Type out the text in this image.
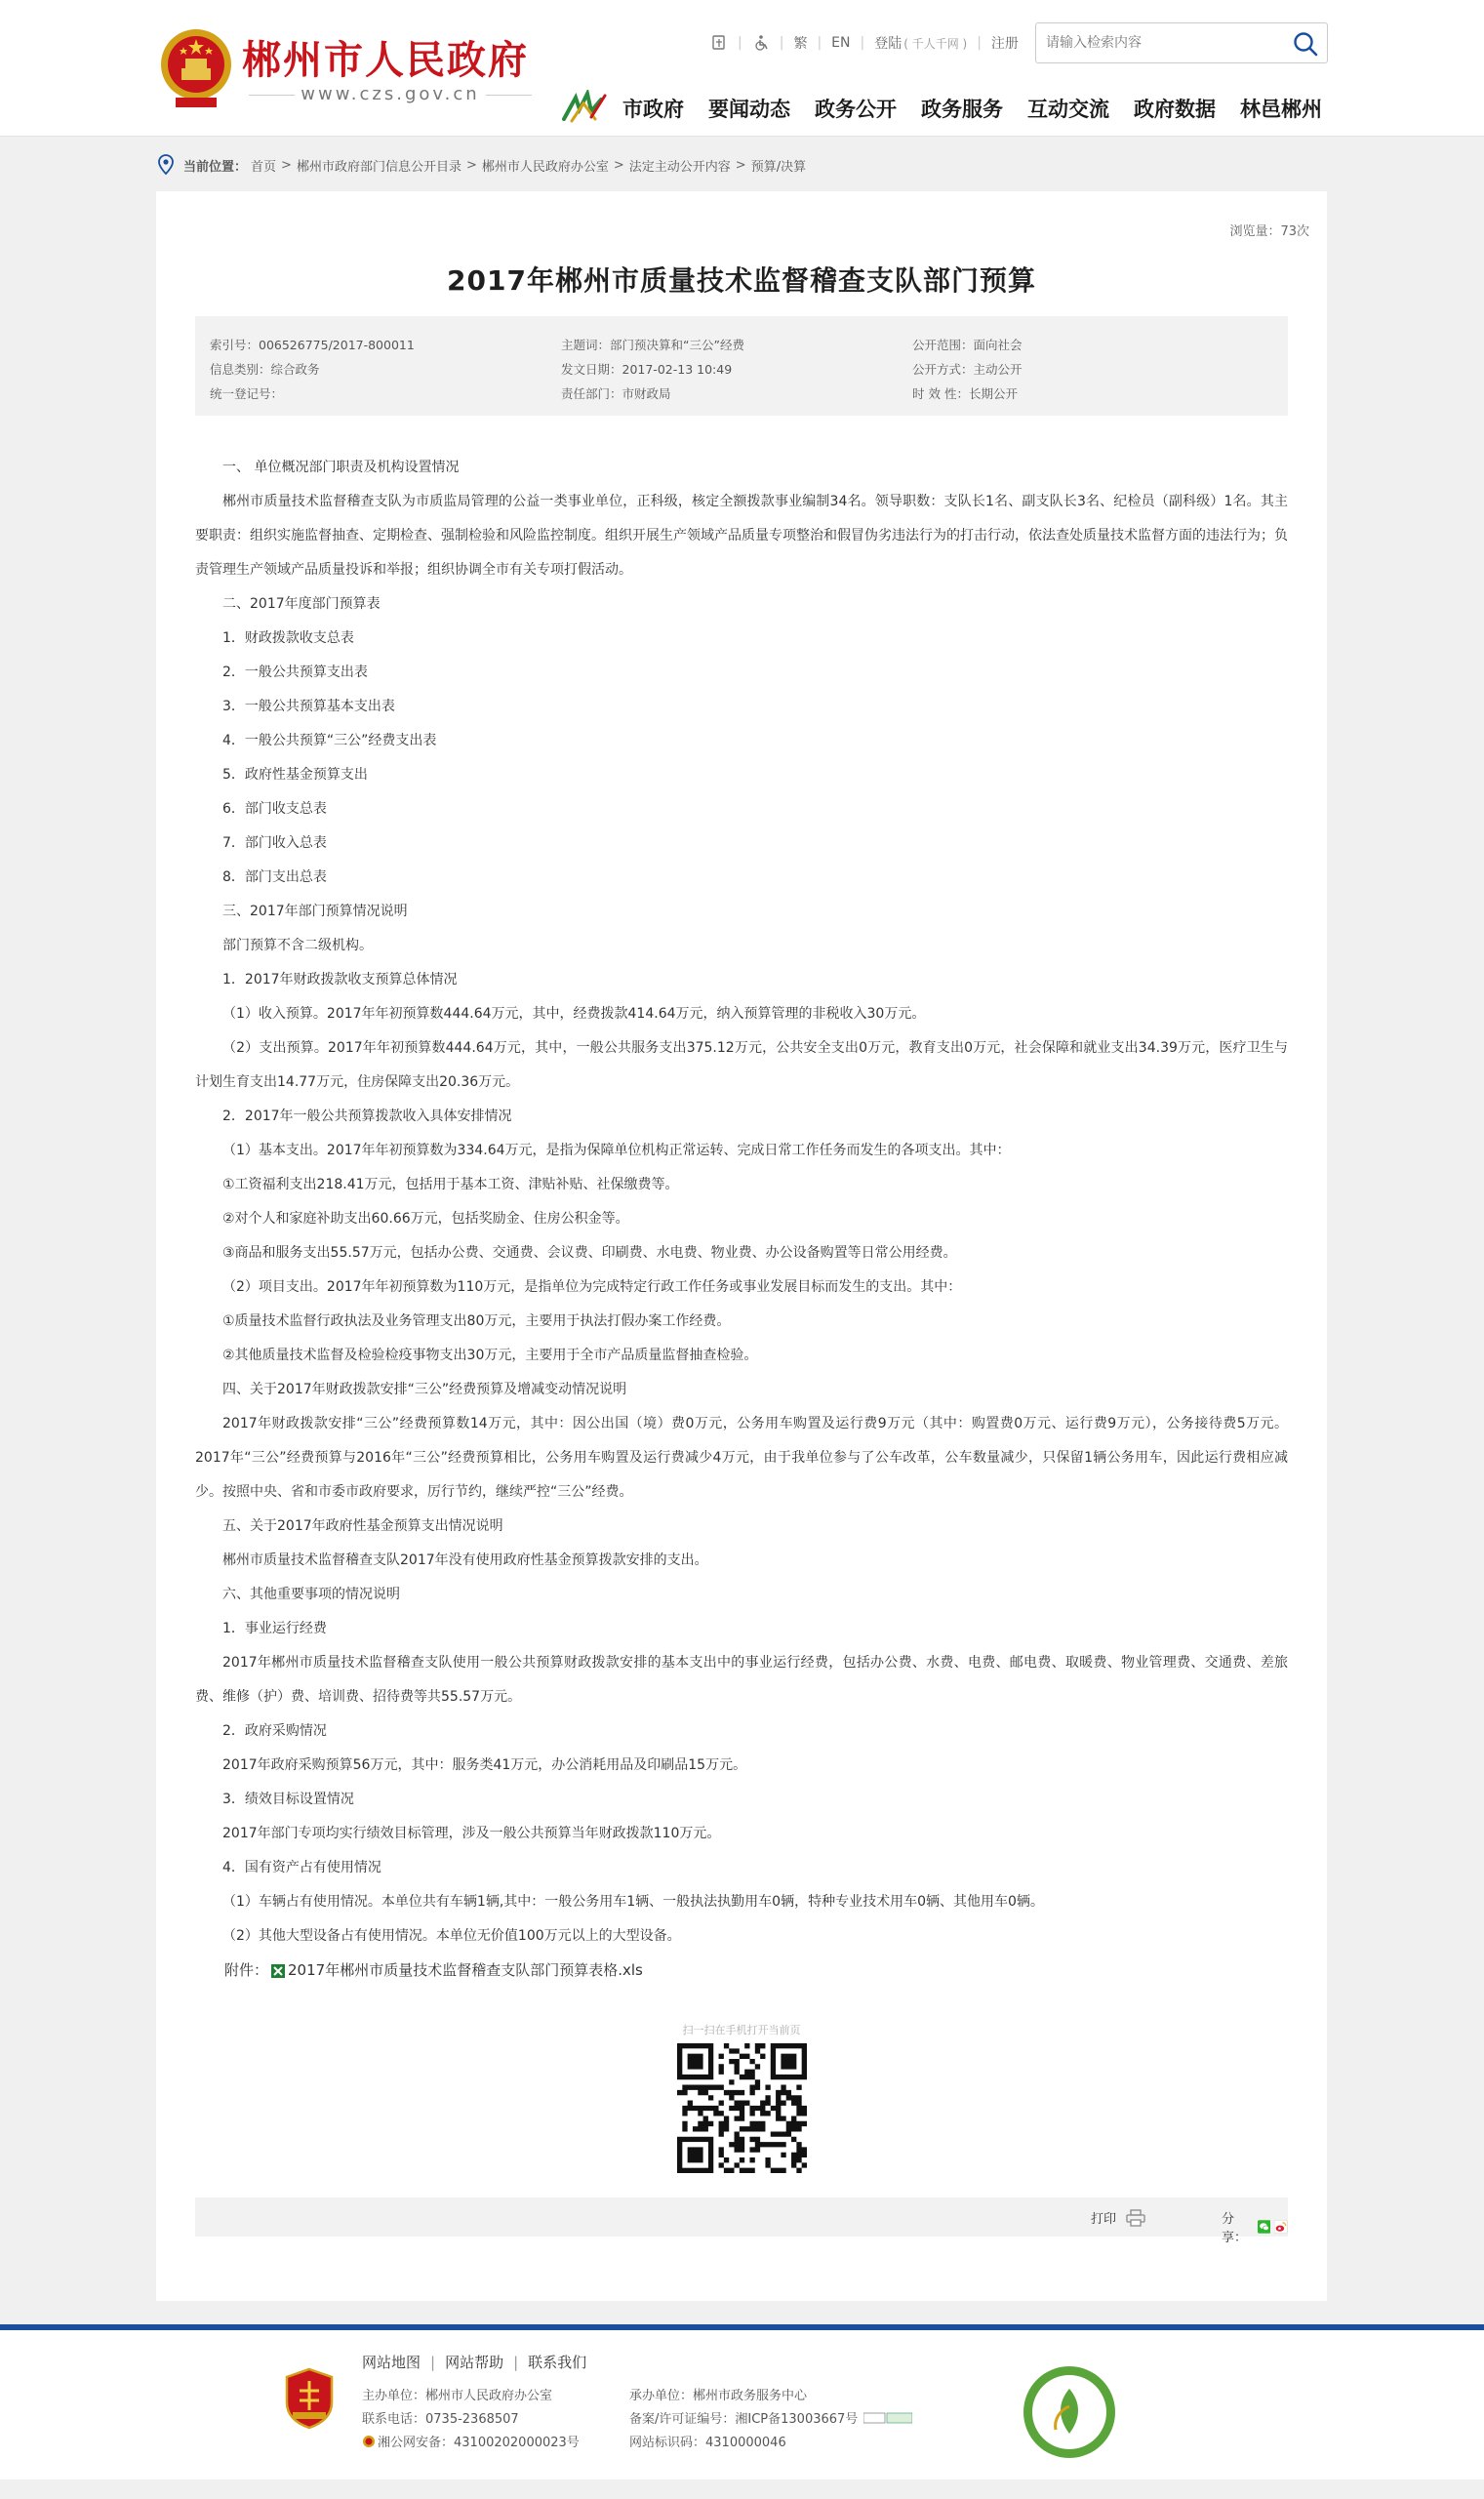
郴州市人民政府
www.czs.gov.cn
|	| 繁 | EN | 登陆 ( 千人千网 ) | 注册
请输入检索内容
市政府 要闻动态 政务公开 政务服务 互动交流 政府数据 林邑郴州
当前位置： 首页 > 郴州市政府部门信息公开目录 > 郴州市人民政府办公室 > 法定主动公开内容 > 预算/决算
浏览量：73次
2017年郴州市质量技术监督稽查支队部门预算
索引号：006526775/2017-800011
信息类别：综合政务
统一登记号：
主题词：部门预决算和“三公”经费
发文日期：2017-02-13 10:49
责任部门：市财政局
公开范围：面向社会
公开方式：主动公开
时 效 性：长期公开

一、 单位概况部门职责及机构设置情况

郴州市质量技术监督稽查支队为市质监局管理的公益一类事业单位，正科级，核定全额拨款事业编制34名。领导职数：支队长1名、副支队长3名、纪检员（副科级）1名。其主要职责：组织实施监督抽查、定期检查、强制检验和风险监控制度。组织开展生产领域产品质量专项整治和假冒伪劣违法行为的打击行动，依法查处质量技术监督方面的违法行为；负责管理生产领域产品质量投诉和举报；组织协调全市有关专项打假活动。

二、2017年度部门预算表

1．财政拨款收支总表

2．一般公共预算支出表

3．一般公共预算基本支出表

4．一般公共预算“三公”经费支出表

5．政府性基金预算支出

6．部门收支总表

7．部门收入总表

8．部门支出总表

三、2017年部门预算情况说明

部门预算不含二级机构。

1．2017年财政拨款收支预算总体情况

（1）收入预算。2017年年初预算数444.64万元，其中，经费拨款414.64万元，纳入预算管理的非税收入30万元。

（2）支出预算。2017年年初预算数444.64万元，其中，一般公共服务支出375.12万元，公共安全支出0万元，教育支出0万元，社会保障和就业支出34.39万元，医疗卫生与计划生育支出14.77万元，住房保障支出20.36万元。

2．2017年一般公共预算拨款收入具体安排情况

（1）基本支出。2017年年初预算数为334.64万元，是指为保障单位机构正常运转、完成日常工作任务而发生的各项支出。其中：

①工资福利支出218.41万元，包括用于基本工资、津贴补贴、社保缴费等。

②对个人和家庭补助支出60.66万元，包括奖励金、住房公积金等。

③商品和服务支出55.57万元，包括办公费、交通费、会议费、印刷费、水电费、物业费、办公设备购置等日常公用经费。

（2）项目支出。2017年年初预算数为110万元，是指单位为完成特定行政工作任务或事业发展目标而发生的支出。其中：

①质量技术监督行政执法及业务管理支出80万元，主要用于执法打假办案工作经费。

②其他质量技术监督及检验检疫事物支出30万元，主要用于全市产品质量监督抽查检验。

四、关于2017年财政拨款安排“三公”经费预算及增减变动情况说明

2017年财政拨款安排“三公”经费预算数14万元，其中：因公出国（境）费0万元，公务用车购置及运行费9万元（其中：购置费0万元、运行费9万元），公务接待费5万元。2017年“三公”经费预算与2016年“三公”经费预算相比，公务用车购置及运行费减少4万元，由于我单位参与了公车改革，公车数量减少，只保留1辆公务用车，因此运行费相应减少。按照中央、省和市委市政府要求，厉行节约，继续严控“三公”经费。

五、关于2017年政府性基金预算支出情况说明

郴州市质量技术监督稽查支队2017年没有使用政府性基金预算拨款安排的支出。

六、其他重要事项的情况说明

1．事业运行经费

2017年郴州市质量技术监督稽查支队使用一般公共预算财政拨款安排的基本支出中的事业运行经费，包括办公费、水费、电费、邮电费、取暖费、物业管理费、交通费、差旅费、维修（护）费、培训费、招待费等共55.57万元。

2．政府采购情况

2017年政府采购预算56万元，其中：服务类41万元，办公消耗用品及印刷品15万元。

3．绩效目标设置情况

2017年部门专项均实行绩效目标管理，涉及一般公共预算当年财政拨款110万元。

4．国有资产占有使用情况

（1）车辆占有使用情况。本单位共有车辆1辆,其中：一般公务用车1辆、一般执法执勤用车0辆，特种专业技术用车0辆、其他用车0辆。

（2）其他大型设备占有使用情况。本单位无价值100万元以上的大型设备。

附件： 2017年郴州市质量技术监督稽查支队部门预算表格.xls
扫一扫在手机打开当前页
打印	分享：
网站地图 | 网站帮助 | 联系我们
主办单位：郴州市人民政府办公室
联系电话：0735-2368507
湘公网安备：43100202000023号
承办单位：郴州市政务服务中心
备案/许可证编号：湘ICP备13003667号
网站标识码：4310000046
